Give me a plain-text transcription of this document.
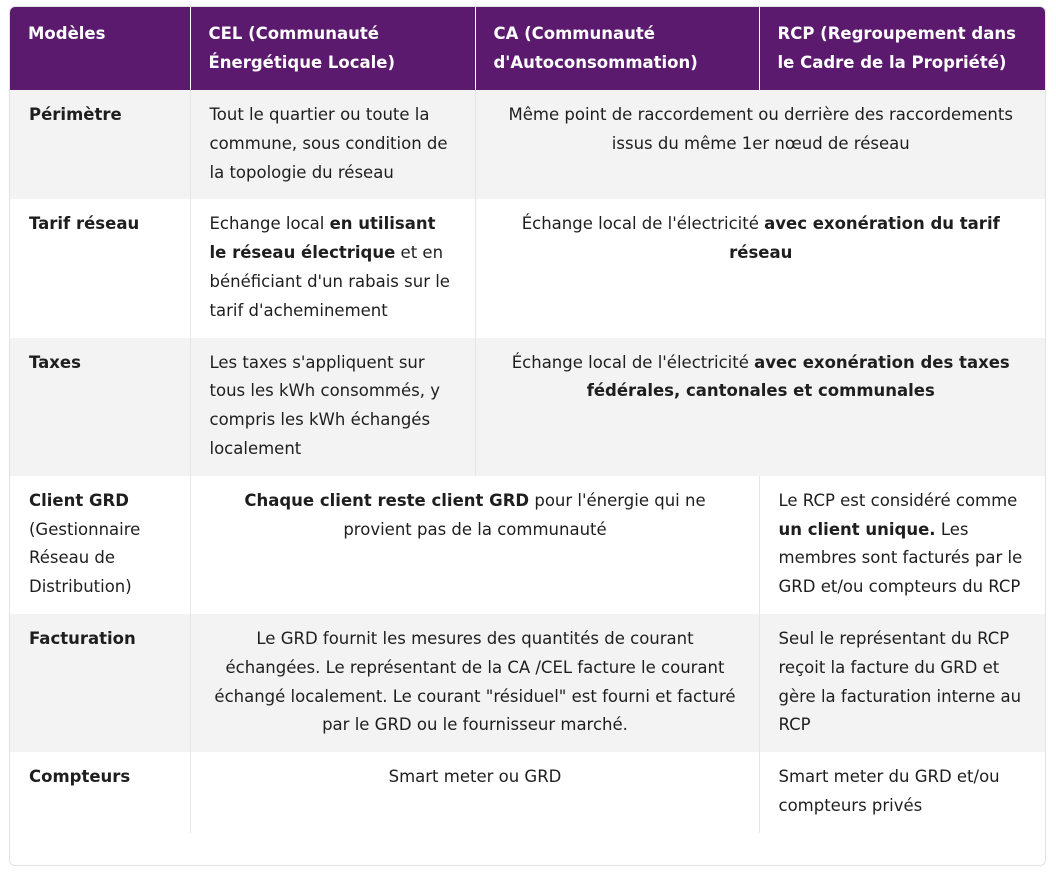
Modèles	CEL (Communauté Énergétique Locale)	CA (Communauté d'Autoconsommation)	RCP (Regroupement dans le Cadre de la Propriété)
Périmètre	Tout le quartier ou toute la commune, sous condition de la topologie du réseau	Même point de raccordement ou derrière des raccordements issus du même 1er nœud de réseau	
Tarif réseau	Echange local en utilisant le réseau électrique et en bénéficiant d'un rabais sur le tarif d'acheminement	Échange local de l'électricité avec exonération du tarif réseau	
Taxes	Les taxes s'appliquent sur tous les kWh consommés, y compris les kWh échangés localement	Échange local de l'électricité avec exonération des taxes fédérales, cantonales et communales	
Client GRD (Gestionnaire Réseau de Distribution)	Chaque client reste client GRD pour l'énergie qui ne provient pas de la communauté		Le RCP est considéré comme un client unique. Les membres sont facturés par le GRD et/ou compteurs du RCP
Facturation	Le GRD fournit les mesures des quantités de courant échangées. Le représentant de la CA /CEL facture le courant échangé localement. Le courant "résiduel" est fourni et facturé par le GRD ou le fournisseur marché.		Seul le représentant du RCP reçoit la facture du GRD et gère la facturation interne au RCP
Compteurs	Smart meter ou GRD		Smart meter du GRD et/ou compteurs privés
